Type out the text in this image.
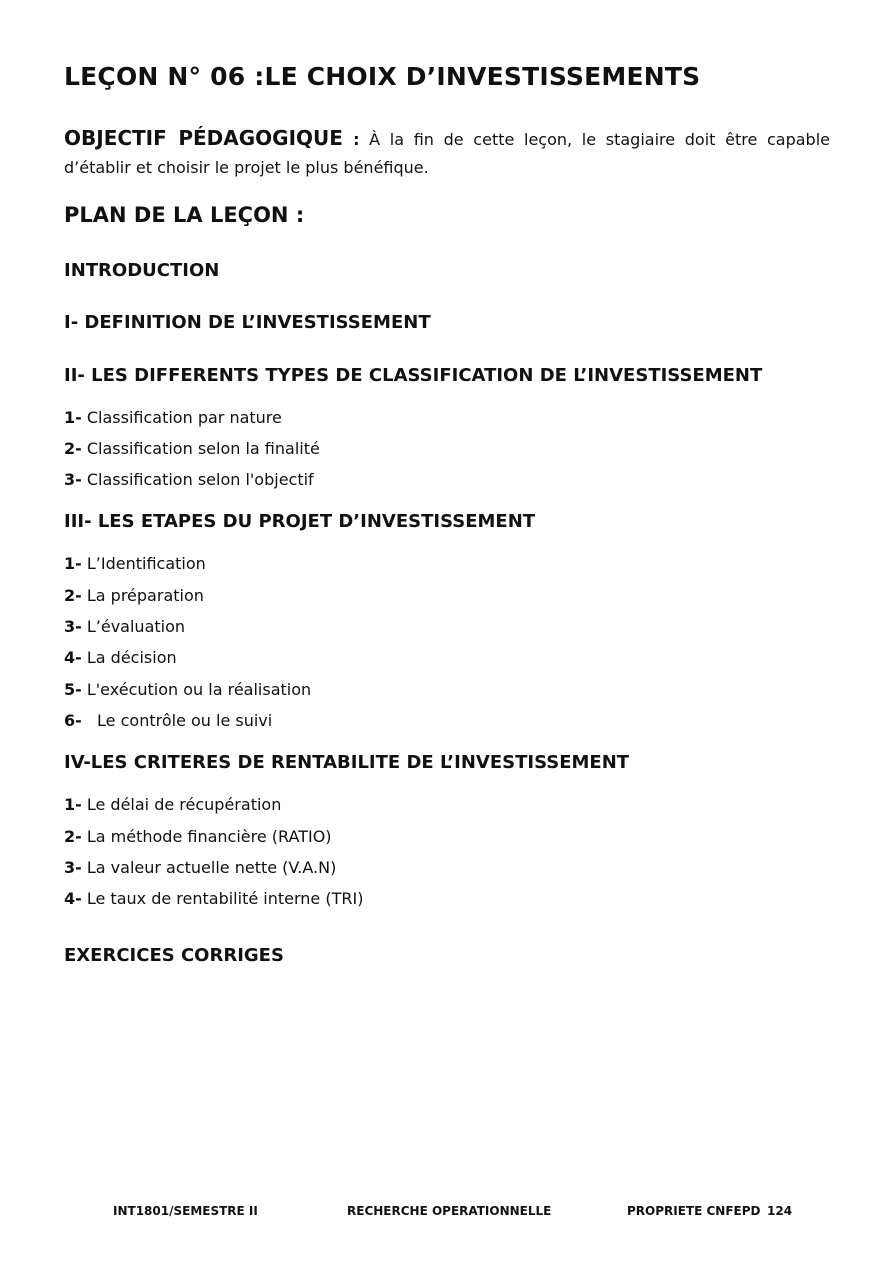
LEÇON N° 06 :LE CHOIX D’INVESTISSEMENTS
OBJECTIF PÉDAGOGIQUE : À la fin de cette leçon, le stagiaire doit être capable d’établir et choisir le projet le plus bénéfique.
PLAN DE LA LEÇON :
INTRODUCTION
I- DEFINITION DE L’INVESTISSEMENT
II- LES DIFFERENTS TYPES DE CLASSIFICATION DE L’INVESTISSEMENT
1- Classification par nature
2- Classification selon la finalité
3- Classification selon l'objectif
III- LES ETAPES DU PROJET D’INVESTISSEMENT
1- L’Identification
2- La préparation
3- L’évaluation
4- La décision
5- L'exécution ou la réalisation
6-   Le contrôle ou le suivi
IV-LES CRITERES DE RENTABILITE DE L’INVESTISSEMENT
1- Le délai de récupération
2- La méthode financière (RATIO)
3- La valeur actuelle nette (V.A.N)
4- Le taux de rentabilité interne (TRI)
EXERCICES CORRIGES
INT1801/SEMESTRE II	RECHERCHE OPERATIONNELLE	PROPRIETE CNFEPD 124
